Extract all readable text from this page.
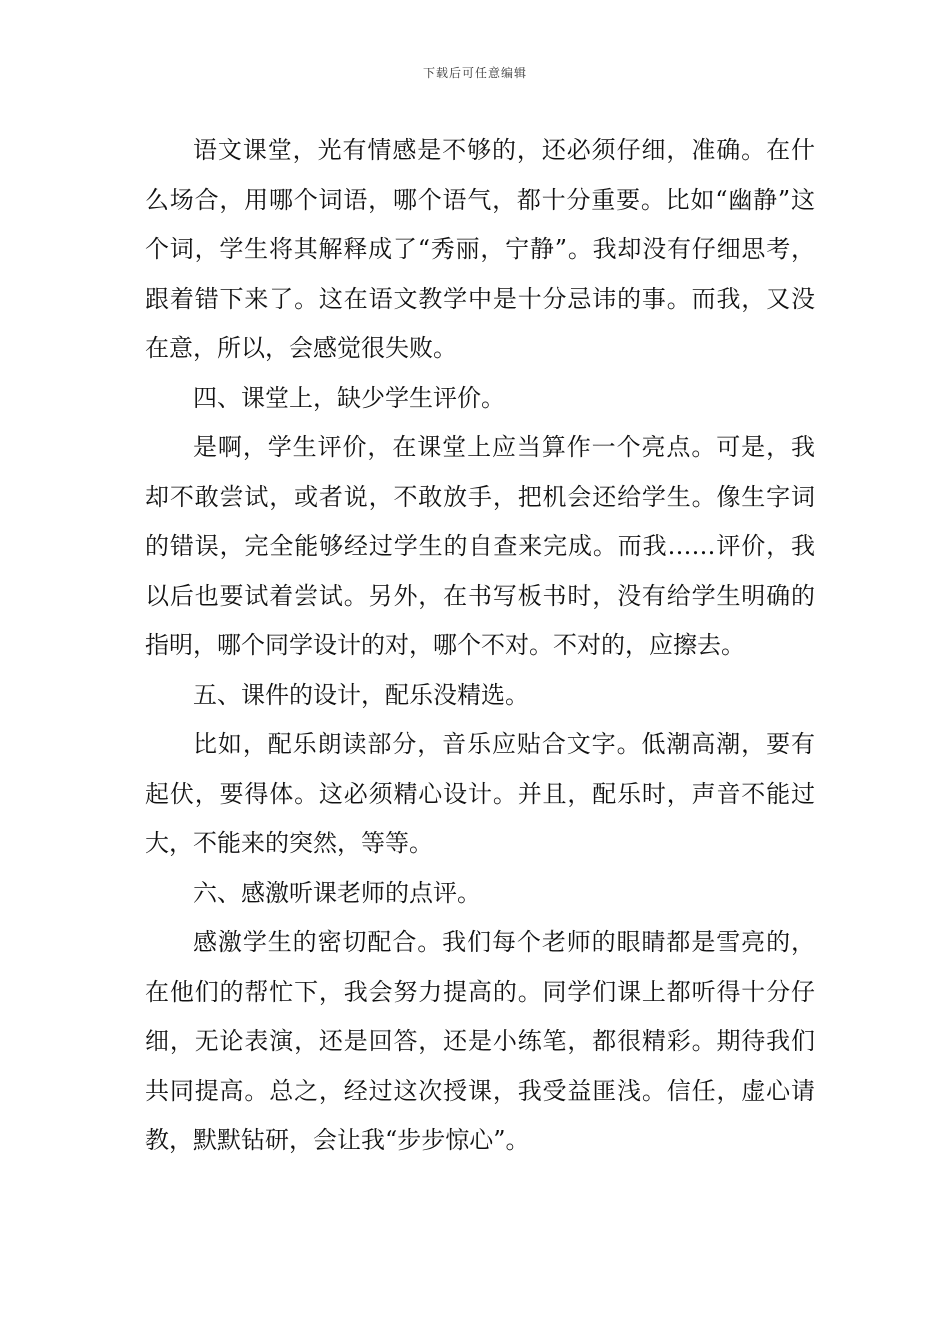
下载后可任意编辑

语文课堂，光有情感是不够的，还必须仔细，准确。在什么场合，用哪个词语，哪个语气，都十分重要。比如“幽静”这个词，学生将其解释成了“秀丽，宁静”。我却没有仔细思考，跟着错下来了。这在语文教学中是十分忌讳的事。而我，又没在意，所以，会感觉很失败。

四、课堂上，缺少学生评价。

是啊，学生评价，在课堂上应当算作一个亮点。可是，我却不敢尝试，或者说，不敢放手，把机会还给学生。像生字词的错误，完全能够经过学生的自查来完成。而我……评价，我以后也要试着尝试。另外，在书写板书时，没有给学生明确的指明，哪个同学设计的对，哪个不对。不对的，应擦去。

五、课件的设计，配乐没精选。

比如，配乐朗读部分，音乐应贴合文字。低潮高潮，要有起伏，要得体。这必须精心设计。并且，配乐时，声音不能过大，不能来的突然，等等。

六、感激听课老师的点评。

感激学生的密切配合。我们每个老师的眼睛都是雪亮的，在他们的帮忙下，我会努力提高的。同学们课上都听得十分仔细，无论表演，还是回答，还是小练笔，都很精彩。期待我们共同提高。总之，经过这次授课，我受益匪浅。信任，虚心请教，默默钻研，会让我“步步惊心”。
